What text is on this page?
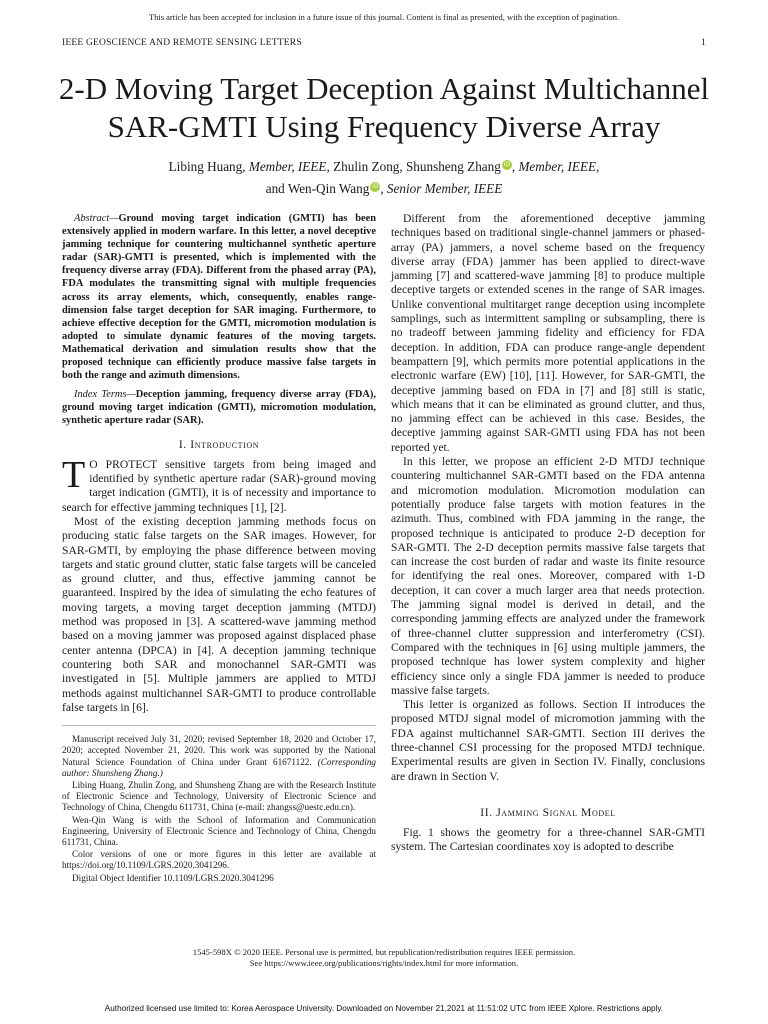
This article has been accepted for inclusion in a future issue of this journal. Content is final as presented, with the exception of pagination.
IEEE GEOSCIENCE AND REMOTE SENSING LETTERS	1
2-D Moving Target Deception Against Multichannel SAR-GMTI Using Frequency Diverse Array
Libing Huang, Member, IEEE, Zhulin Zong, Shunsheng Zhang iD , Member, IEEE,
and Wen-Qin Wang iD , Senior Member, IEEE

Abstract—Ground moving target indication (GMTI) has been extensively applied in modern warfare. In this letter, a novel deceptive jamming technique for countering multichannel synthetic aperture radar (SAR)-GMTI is presented, which is implemented with the frequency diverse array (FDA). Different from the phased array (PA), FDA modulates the transmitting signal with multiple frequencies across its array elements, which, consequently, enables range-dimension false target deception for SAR imaging. Furthermore, to achieve effective deception for the GMTI, micromotion modulation is adopted to simulate dynamic features of the moving targets. Mathematical derivation and simulation results show that the proposed technique can efficiently produce massive false targets in both the range and azimuth dimensions.

Index Terms—Deception jamming, frequency diverse array (FDA), ground moving target indication (GMTI), micromotion modulation, synthetic aperture radar (SAR).

I. Introduction

T O PROTECT sensitive targets from being imaged and identified by synthetic aperture radar (SAR)-ground moving target indication (GMTI), it is of necessity and importance to search for effective jamming techniques [1], [2].

Most of the existing deception jamming methods focus on producing static false targets on the SAR images. However, for SAR-GMTI, by employing the phase difference between moving targets and static ground clutter, static false targets will be canceled as ground clutter, and thus, effective jamming cannot be guaranteed. Inspired by the idea of simulating the echo features of moving targets, a moving target deception jamming (MTDJ) method was proposed in [3]. A scattered-wave jamming method based on a moving jammer was proposed against displaced phase center antenna (DPCA) in [4]. A deception jamming technique countering both SAR and monochannel SAR-GMTI was investigated in [5]. Multiple jammers are applied to MTDJ methods against multichannel SAR-GMTI to produce controllable false targets in [6].

Manuscript received July 31, 2020; revised September 18, 2020 and October 17, 2020; accepted November 21, 2020. This work was supported by the National Natural Science Foundation of China under Grant 61671122. (Corresponding author: Shunsheng Zhang.)

Libing Huang, Zhulin Zong, and Shunsheng Zhang are with the Research Institute of Electronic Science and Technology, University of Electronic Science and Technology of China, Chengdu 611731, China (e-mail: zhangss@uestc.edu.cn).

Wen-Qin Wang is with the School of Information and Communication Engineering, University of Electronic Science and Technology of China, Chengdu 611731, China.

Color versions of one or more figures in this letter are available at https://doi.org/10.1109/LGRS.2020.3041296.

Digital Object Identifier 10.1109/LGRS.2020.3041296

Different from the aforementioned deceptive jamming techniques based on traditional single-channel jammers or phased-array (PA) jammers, a novel scheme based on the frequency diverse array (FDA) jammer has been applied to direct-wave jamming [7] and scattered-wave jamming [8] to produce multiple deceptive targets or extended scenes in the range of SAR images. Unlike conventional multitarget range deception using incomplete samplings, such as intermittent sampling or subsampling, there is no tradeoff between jamming fidelity and efficiency for FDA deception. In addition, FDA can produce range-angle dependent beampattern [9], which permits more potential applications in the electronic warfare (EW) [10], [11]. However, for SAR-GMTI, the deceptive jamming based on FDA in [7] and [8] still is static, which means that it can be eliminated as ground clutter, and thus, no jamming effect can be achieved in this case. Besides, the deceptive jamming against SAR-GMTI using FDA has not been reported yet.

In this letter, we propose an efficient 2-D MTDJ technique countering multichannel SAR-GMTI based on the FDA antenna and micromotion modulation. Micromotion modulation can potentially produce false targets with motion features in the azimuth. Thus, combined with FDA jamming in the range, the proposed technique is anticipated to produce 2-D deception for SAR-GMTI. The 2-D deception permits massive false targets that can increase the cost burden of radar and waste its finite resource for identifying the real ones. Moreover, compared with 1-D deception, it can cover a much larger area that needs protection. The jamming signal model is derived in detail, and the corresponding jamming effects are analyzed under the framework of three-channel clutter suppression and interferometry (CSI). Compared with the techniques in [6] using multiple jammers, the proposed technique has lower system complexity and higher efficiency since only a single FDA jammer is needed to produce massive false targets.

This letter is organized as follows. Section II introduces the proposed MTDJ signal model of micromotion jamming with the FDA against multichannel SAR-GMTI. Section III derives the three-channel CSI processing for the proposed MTDJ technique. Experimental results are given in Section IV. Finally, conclusions are drawn in Section V.

II. Jamming Signal Model

Fig. 1 shows the geometry for a three-channel SAR-GMTI system. The Cartesian coordinates xoy is adopted to describe

1545-598X © 2020 IEEE. Personal use is permitted, but republication/redistribution requires IEEE permission.
See https://www.ieee.org/publications/rights/index.html for more information.
Authorized licensed use limited to: Korea Aerospace University. Downloaded on November 21,2021 at 11:51:02 UTC from IEEE Xplore. Restrictions apply.
